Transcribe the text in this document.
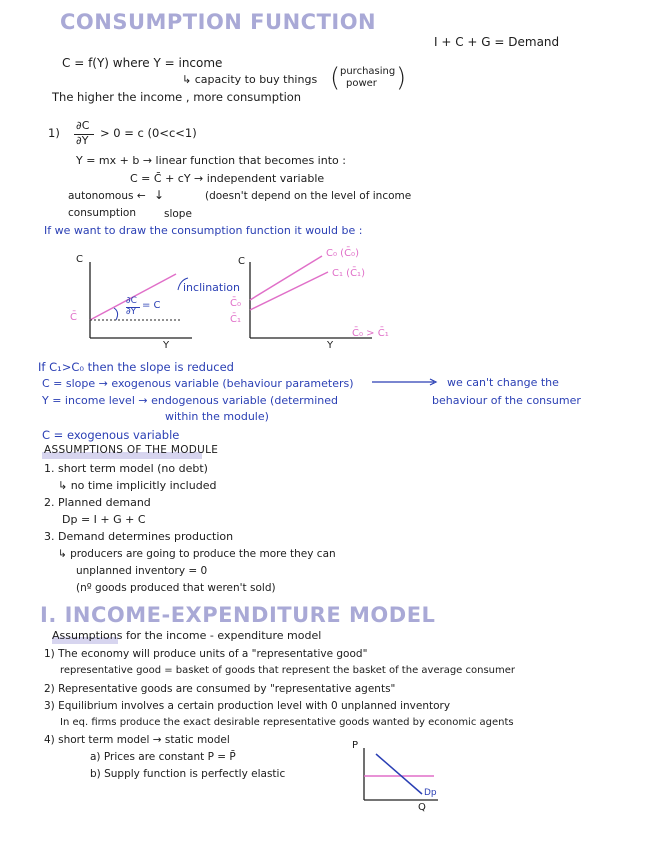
CONSUMPTION FUNCTION
I + C + G = Demand
C = f(Y) where Y = income
↳ capacity to buy things ( purchasing
power )
The higher the income , more consumption
1)
∂C
∂Y
> 0 = c (0<c<1)
Y = mx + b → linear function that becomes into :
C = C̄ + cY → independent variable
autonomous ← ↓	(doesn't depend on the level of income
consumption	slope
If we want to draw the consumption function it would be :
C
Y
C̄
inclination
∂C
∂Y
= C
C
Y
C₀ (C̄₀)
C₁ (C̄₁)
C̄₀
C̄₁
C̄₀ > C̄₁
If C₁>C₀ then the slope is reduced
C = slope → exogenous variable (behaviour parameters)
Y = income level → endogenous variable (determined
within the module)
we can't change the
behaviour of the consumer
C = exogenous variable
ASSUMPTIONS OF THE MODULE
1. short term model (no debt)
↳ no time implicitly included
2. Planned demand
Dp = I + G + C
3. Demand determines production
↳ producers are going to produce the more they can
unplanned inventory = 0
(nº goods produced that weren't sold)
I. INCOME-EXPENDITURE MODEL
Assumptions for the income - expenditure model
1) The economy will produce units of a "representative good"
representative good = basket of goods that represent the basket of the average consumer
2) Representative goods are consumed by "representative agents"
3) Equilibrium involves a certain production level with 0 unplanned inventory
In eq. firms produce the exact desirable representative goods wanted by economic agents
4) short term model → static model
a) Prices are constant P = P̄
b) Supply function is perfectly elastic
P
Q
Dp
